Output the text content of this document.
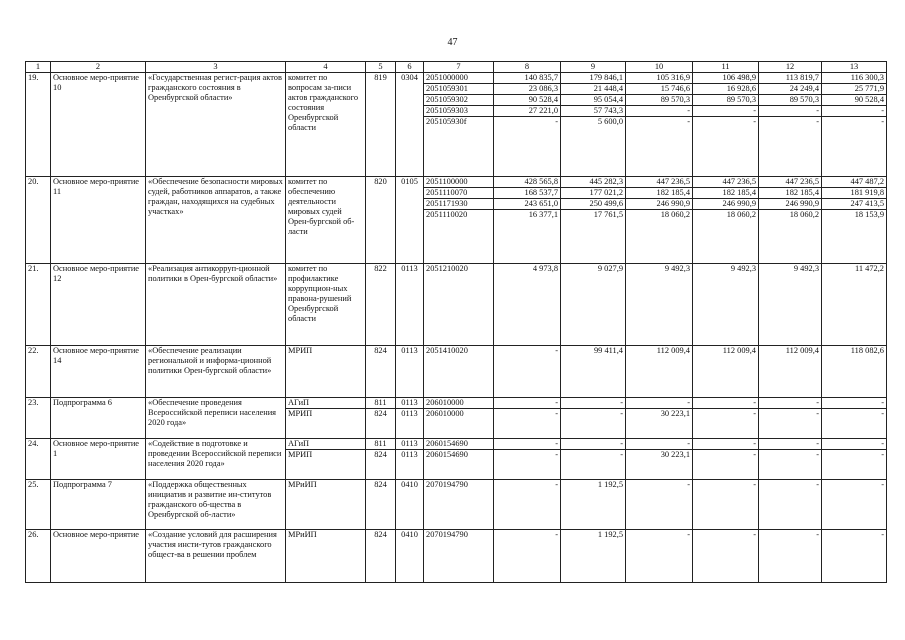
47
1	2	3	4	5	6	7	8	9	10	11	12	13
19.	Основное меро-приятие 10	«Государственная регист-рация актов гражданского состояния в Оренбургской области»	комитет по вопросам за-писи актов гражданского состояния Оренбургской области	819	0304	2051000000	140 835,7	179 846,1	105 316,9	106 498,9	113 819,7	116 300,3
						2051059301	23 086,3	21 448,4	15 746,6	16 928,6	24 249,4	25 771,9
						2051059302	90 528,4	95 054,4	89 570,3	89 570,3	89 570,3	90 528,4
						2051059303	27 221,0	57 743,3	-	-	-	-
						205105930f	-	5 600,0	-	-	-	-
20.	Основное меро-приятие 11	«Обеспечение безопасности мировых судей, работников аппаратов, а также граждан, находящихся на судебных участках»	комитет по обеспечению деятельности мировых судей Орен-бургской об-ласти	820	0105	2051100000	428 565,8	445 282,3	447 236,5	447 236,5	447 236,5	447 487,2
						2051110070	168 537,7	177 021,2	182 185,4	182 185,4	182 185,4	181 919,8
						2051171930	243 651,0	250 499,6	246 990,9	246 990,9	246 990,9	247 413,5
						2051110020	16 377,1	17 761,5	18 060,2	18 060,2	18 060,2	18 153,9
21.	Основное меро-приятие 12	«Реализация антикорруп-ционной политики в Орен-бургской области»	комитет по профилактике коррупцион-ных правона-рушений Оренбургской области	822	0113	2051210020	4 973,8	9 027,9	9 492,3	9 492,3	9 492,3	11 472,2
22.	Основное меро-приятие 14	«Обеспечение реализации региональной и информа-ционной политики Орен-бургской области»	МРИП	824	0113	2051410020	-	99 411,4	112 009,4	112 009,4	112 009,4	118 082,6
23.	Подпрограмма 6	«Обеспечение проведения Всероссийской переписи населения 2020 года»	АГиП	811	0113	206010000	-	-	-	-	-	-
			МРИП	824	0113	206010000	-	-	30 223,1	-	-	-
24.	Основное меро-приятие 1	«Содействие в подготовке и проведении Всероссийской переписи населения 2020 года»	АГиП	811	0113	2060154690	-	-	-	-	-	-
			МРИП	824	0113	2060154690	-	-	30 223,1	-	-	-
25.	Подпрограмма 7	«Поддержка общественных инициатив и развитие ин-ститутов гражданского об-щества в Оренбургской об-ласти»	МРиИП	824	0410	2070194790	-	1 192,5	-	-	-	-
26.	Основное меро-приятие	«Создание условий для расширения участия инсти-тутов гражданского общест-ва в решении проблем	МРиИП	824	0410	2070194790	-	1 192,5	-	-	-	-
